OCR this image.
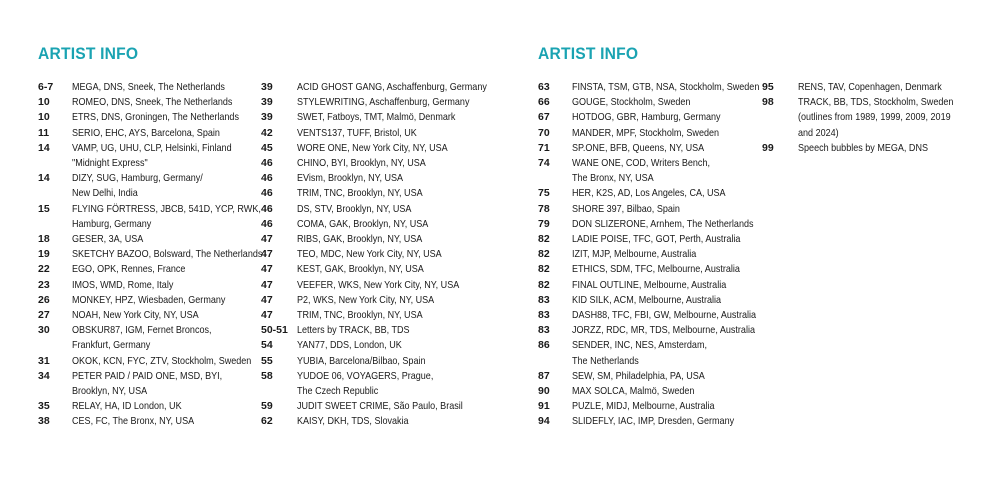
ARTIST INFO
6-7	MEGA, DNS, Sneek, The Netherlands
10	ROMEO, DNS, Sneek, The Netherlands
10	ETRS, DNS, Groningen, The Netherlands
11	SERIO, EHC, AYS, Barcelona, Spain
14	VAMP, UG, UHU, CLP, Helsinki, Finland
"Midnight Express"
14	DIZY, SUG, Hamburg, Germany/
New Delhi, India
15	FLYING FÖRTRESS, JBCB, 541D, YCP, RWK,
Hamburg, Germany
18	GESER, 3A, USA
19	SKETCHY BAZOO, Bolsward, The Netherlands
22	EGO, OPK, Rennes, France
23	IMOS, WMD, Rome, Italy
26	MONKEY, HPZ, Wiesbaden, Germany
27	NOAH, New York City, NY, USA
30	OBSKUR87, IGM, Fernet Broncos,
Frankfurt, Germany
31	OKOK, KCN, FYC, ZTV, Stockholm, Sweden
34	PETER PAID / PAID ONE, MSD, BYI,
Brooklyn, NY, USA
35	RELAY, HA, ID London, UK
38	CES, FC, The Bronx, NY, USA
39	ACID GHOST GANG, Aschaffenburg, Germany
39	STYLEWRITING, Aschaffenburg, Germany
39	SWET, Fatboys, TMT, Malmö, Denmark
42	VENTS137, TUFF, Bristol, UK
45	WORE ONE, New York City, NY, USA
46	CHINO, BYI, Brooklyn, NY, USA
46	EVism, Brooklyn, NY, USA
46	TRIM, TNC, Brooklyn, NY, USA
46	DS, STV, Brooklyn, NY, USA
46	COMA, GAK, Brooklyn, NY, USA
47	RIBS, GAK, Brooklyn, NY, USA
47	TEO, MDC, New York City, NY, USA
47	KEST, GAK, Brooklyn, NY, USA
47	VEEFER, WKS, New York City, NY, USA
47	P2, WKS, New York City, NY, USA
47	TRIM, TNC, Brooklyn, NY, USA
50-51 Letters by TRACK, BB, TDS
54	YAN77, DDS, London, UK
55	YUBIA, Barcelona/Bilbao, Spain
58	YUDOE 06, VOYAGERS, Prague,
The Czech Republic
59	JUDIT SWEET CRIME, São Paulo, Brasil
62	KAISY, DKH, TDS, Slovakia
ARTIST INFO
63	FINSTA, TSM, GTB, NSA, Stockholm, Sweden
66	GOUGE, Stockholm, Sweden
67	HOTDOG, GBR, Hamburg, Germany
70	MANDER, MPF, Stockholm, Sweden
71	SP.ONE, BFB, Queens, NY, USA
74	WANE ONE, COD, Writers Bench,
The Bronx, NY, USA
75	HER, K2S, AD, Los Angeles, CA, USA
78	SHORE 397, Bilbao, Spain
79	DON SLIZERONE, Arnhem, The Netherlands
82	LADIE POISE, TFC, GOT, Perth, Australia
82	IZIT, MJP, Melbourne, Australia
82	ETHICS, SDM, TFC, Melbourne, Australia
82	FINAL OUTLINE, Melbourne, Australia
83	KID SILK, ACM, Melbourne, Australia
83	DASH88, TFC, FBI, GW, Melbourne, Australia
83	JORZZ, RDC, MR, TDS, Melbourne, Australia
86	SENDER, INC, NES, Amsterdam,
The Netherlands
87	SEW, SM, Philadelphia, PA, USA
90	MAX SOLCA, Malmö, Sweden
91	PUZLE, MIDJ, Melbourne, Australia
94	SLIDEFLY, IAC, IMP, Dresden, Germany
95	RENS, TAV, Copenhagen, Denmark
98	TRACK, BB, TDS, Stockholm, Sweden
(outlines from 1989, 1999, 2009, 2019
and 2024)
99	Speech bubbles by MEGA, DNS
